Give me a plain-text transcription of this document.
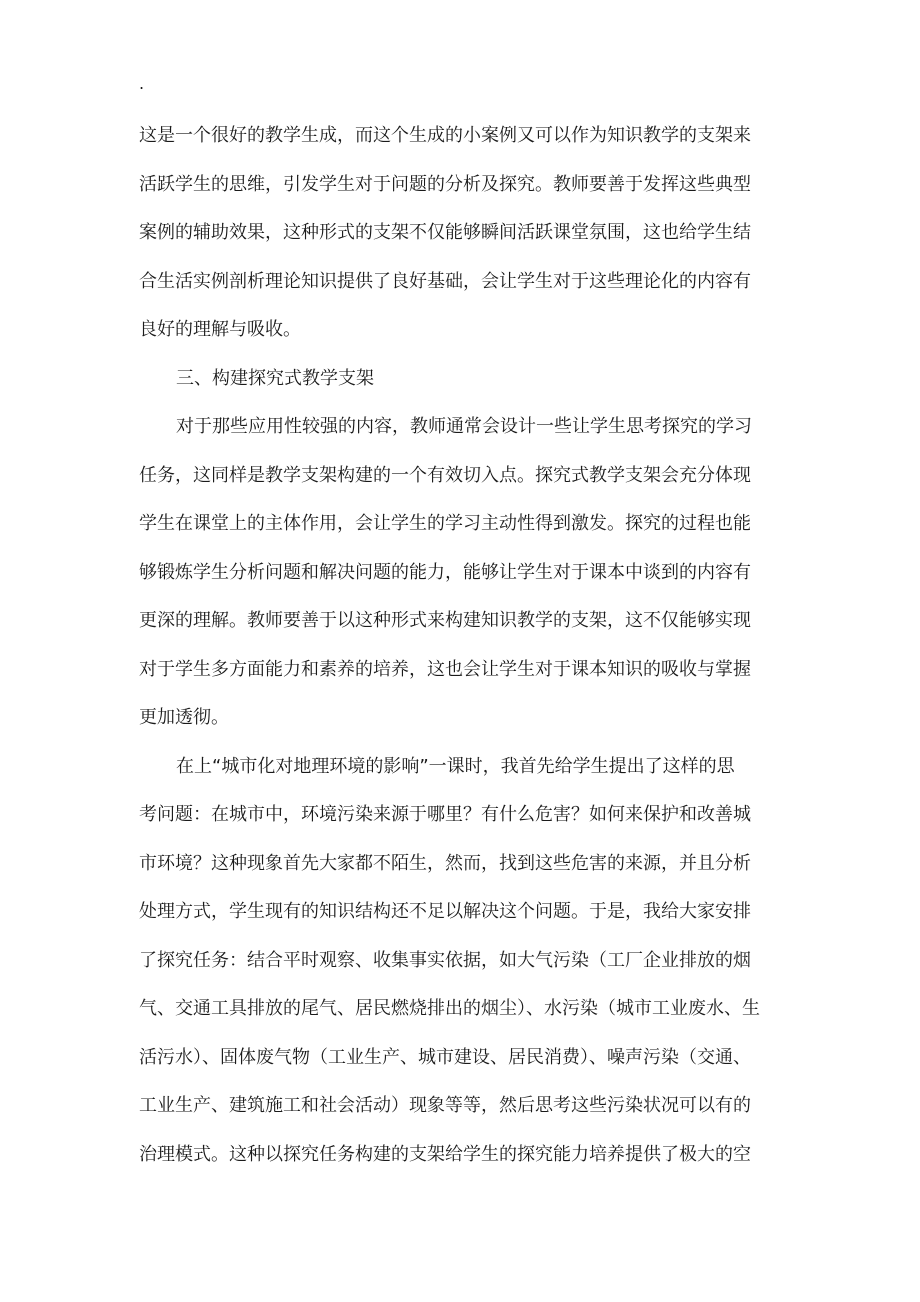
.
这是一个很好的教学生成，而这个生成的小案例又可以作为知识教学的支架来
活跃学生的思维，引发学生对于问题的分析及探究。教师要善于发挥这些典型
案例的辅助效果，这种形式的支架不仅能够瞬间活跃课堂氛围，这也给学生结
合生活实例剖析理论知识提供了良好基础，会让学生对于这些理论化的内容有
良好的理解与吸收。
三、构建探究式教学支架
对于那些应用性较强的内容，教师通常会设计一些让学生思考探究的学习
任务，这同样是教学支架构建的一个有效切入点。探究式教学支架会充分体现
学生在课堂上的主体作用，会让学生的学习主动性得到激发。探究的过程也能
够锻炼学生分析问题和解决问题的能力，能够让学生对于课本中谈到的内容有
更深的理解。教师要善于以这种形式来构建知识教学的支架，这不仅能够实现
对于学生多方面能力和素养的培养，这也会让学生对于课本知识的吸收与掌握
更加透彻。
在上“城市化对地理环境的影响”一课时，我首先给学生提出了这样的思
考问题：在城市中，环境污染来源于哪里？有什么危害？如何来保护和改善城
市环境？这种现象首先大家都不陌生，然而，找到这些危害的来源，并且分析
处理方式，学生现有的知识结构还不足以解决这个问题。于是，我给大家安排
了探究任务：结合平时观察、收集事实依据，如大气污染（工厂企业排放的烟
气、交通工具排放的尾气、居民燃烧排出的烟尘）、水污染（城市工业废水、生
活污水）、固体废气物（工业生产、城市建设、居民消费）、噪声污染（交通、
工业生产、建筑施工和社会活动）现象等等，然后思考这些污染状况可以有的
治理模式。这种以探究任务构建的支架给学生的探究能力培养提供了极大的空
